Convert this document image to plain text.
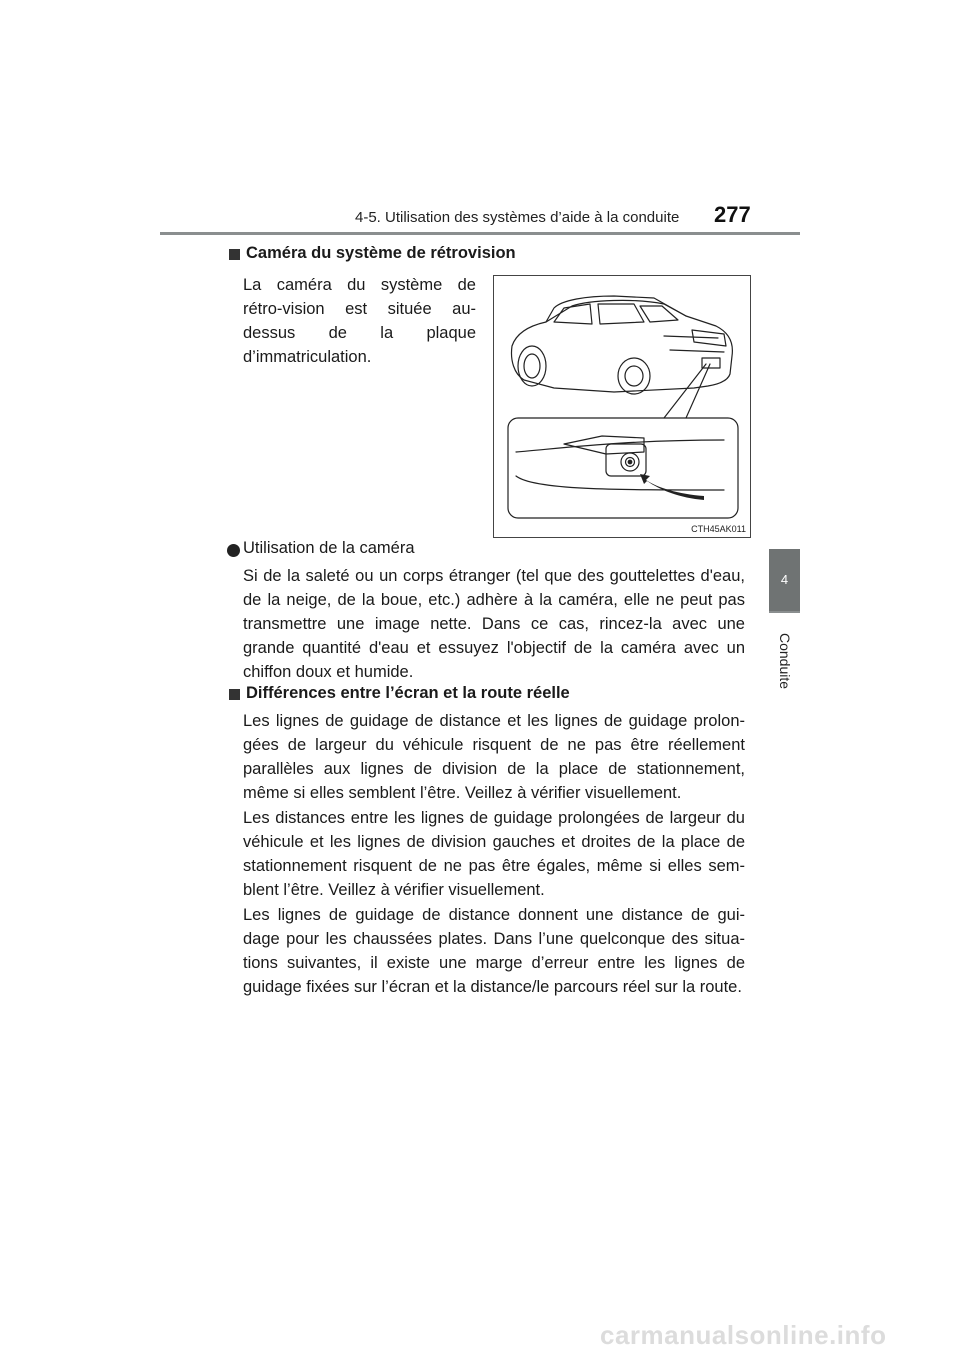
4-5. Utilisation des systèmes d’aide à la conduite 277
4
Conduite
Caméra du système de rétrovision
La caméra du système de rétro-vision est située au-dessus de la plaque d’immatriculation.
CTH45AK011
Utilisation de la caméra
Si de la saleté ou un corps étranger (tel que des gouttelettes d'eau, de la neige, de la boue, etc.) adhère à la caméra, elle ne peut pas transmettre une image nette. Dans ce cas, rincez-la avec une grande quantité d'eau et essuyez l'objectif de la caméra avec un chiffon doux et humide.
Différences entre l’écran et la route réelle
Les lignes de guidage de distance et les lignes de guidage prolon-gées de largeur du véhicule risquent de ne pas être réellement parallèles aux lignes de division de la place de stationnement, même si elles semblent l’être. Veillez à vérifier visuellement.
Les distances entre les lignes de guidage prolongées de largeur du véhicule et les lignes de division gauches et droites de la place de stationnement risquent de ne pas être égales, même si elles sem-blent l’être. Veillez à vérifier visuellement.
Les lignes de guidage de distance donnent une distance de gui-dage pour les chaussées plates. Dans l’une quelconque des situa-tions suivantes, il existe une marge d’erreur entre les lignes de guidage fixées sur l’écran et la distance/le parcours réel sur la route.
carmanualsonline.info
